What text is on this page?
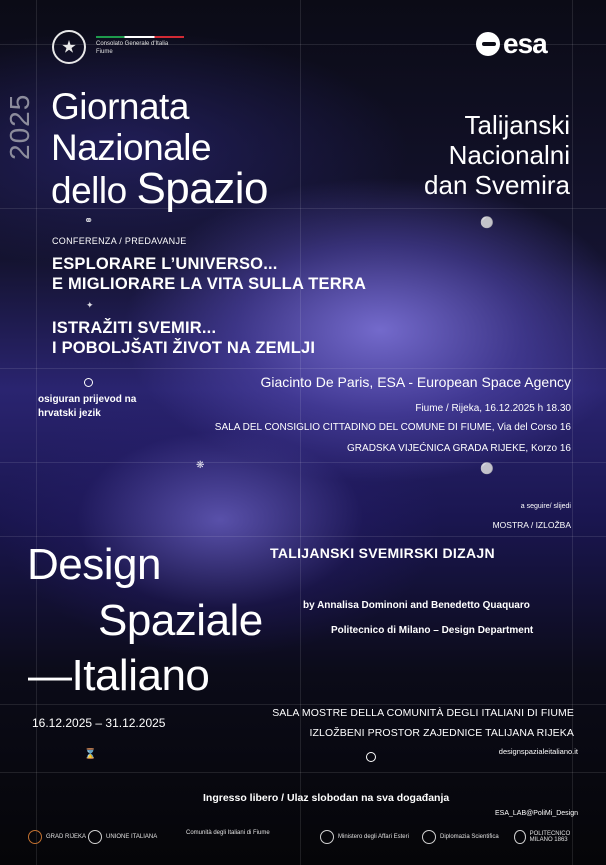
Consolato Generale d'Italia
Fiume	esa
2025 Giornata
Nazionale
dello Spazio
Talijanski
Nacionalni
dan Svemira
⚭	⚪
CONFERENZA / PREDAVANJE
ESPLORARE L’UNIVERSO...
E MIGLIORARE LA VITA SULLA TERRA
✦
ISTRAŽITI SVEMIR...
I POBOLJŠATI ŽIVOT NA ZEMLJI
osiguran prijevod na
hrvatski jezik
Giacinto De Paris, ESA - European Space Agency
Fiume / Rijeka, 16.12.2025 h 18.30
SALA DEL CONSIGLIO CITTADINO DEL COMUNE DI FIUME, Via del Corso 16
GRADSKA VIJEĆNICA GRADA RIJEKE, Korzo 16
❋	⚪
a seguire/ slijedi
MOSTRA / IZLOŽBA
Design
Spaziale
—Italiano
TALIJANSKI SVEMIRSKI DIZAJN
by Annalisa Dominoni and Benedetto Quaquaro
Politecnico di Milano – Design Department
16.12.2025 – 31.12.2025
SALA MOSTRE DELLA COMUNITÀ DEGLI ITALIANI DI FIUME
IZLOŽBENI PROSTOR ZAJEDNICE TALIJANA RIJEKA
designspazialeitaliano.it
⌛
Ingresso libero / Ulaz slobodan na sva događanja
ESA_LAB@PoliMi_Design
GRAD RIJEKA	UNIONE ITALIANA
Comunità degli Italiani di Fiume
Ministero degli Affari Esteri	Diplomazia Scientifica	POLITECNICO MILANO 1863
